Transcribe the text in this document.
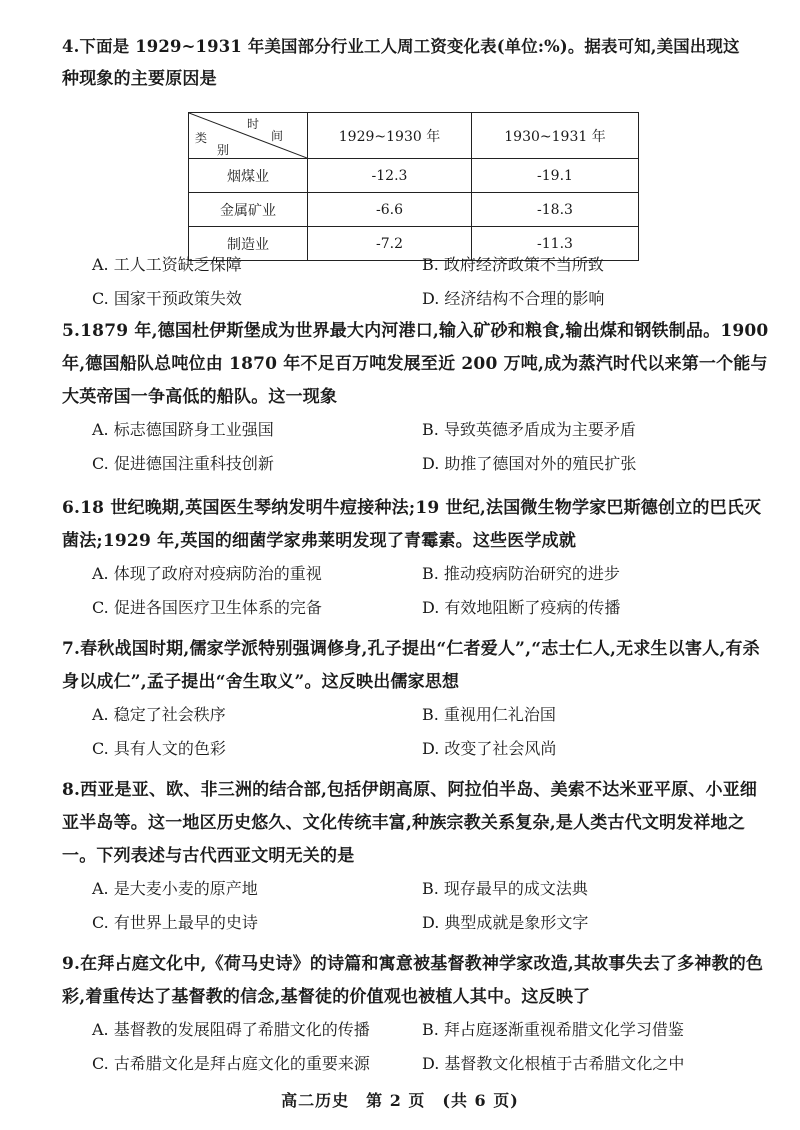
4.下面是 1929~1931 年美国部分行业工人周工资变化表(单位:%)。据表可知,美国出现这

种现象的主要原因是

时
间
类
别	1929~1930 年	1930~1931 年
烟煤业	-12.3	-19.1
金属矿业	-6.6	-18.3
制造业	-7.2	-11.3
A. 工人工资缺乏保障	B. 政府经济政策不当所致
C. 国家干预政策失效	D. 经济结构不合理的影响

5.1879 年,德国杜伊斯堡成为世界最大内河港口,输入矿砂和粮食,输出煤和钢铁制品。1900 年,德国船队总吨位由 1870 年不足百万吨发展至近 200 万吨,成为蒸汽时代以来第一个能与大英帝国一争高低的船队。这一现象

A. 标志德国跻身工业强国	B. 导致英德矛盾成为主要矛盾
C. 促进德国注重科技创新	D. 助推了德国对外的殖民扩张

6.18 世纪晚期,英国医生琴纳发明牛痘接种法;19 世纪,法国微生物学家巴斯德创立的巴氏灭菌法;1929 年,英国的细菌学家弗莱明发现了青霉素。这些医学成就

A. 体现了政府对疫病防治的重视	B. 推动疫病防治研究的进步
C. 促进各国医疗卫生体系的完备	D. 有效地阻断了疫病的传播

7.春秋战国时期,儒家学派特别强调修身,孔子提出“仁者爱人”,“志士仁人,无求生以害人,有杀身以成仁”,孟子提出“舍生取义”。这反映出儒家思想

A. 稳定了社会秩序	B. 重视用仁礼治国
C. 具有人文的色彩	D. 改变了社会风尚

8.西亚是亚、欧、非三洲的结合部,包括伊朗高原、阿拉伯半岛、美索不达米亚平原、小亚细亚半岛等。这一地区历史悠久、文化传统丰富,种族宗教关系复杂,是人类古代文明发祥地之一。下列表述与古代西亚文明无关的是

A. 是大麦小麦的原产地	B. 现存最早的成文法典
C. 有世界上最早的史诗	D. 典型成就是象形文字

9.在拜占庭文化中,《荷马史诗》的诗篇和寓意被基督教神学家改造,其故事失去了多神教的色彩,着重传达了基督教的信念,基督徒的价值观也被植人其中。这反映了

A. 基督教的发展阻碍了希腊文化的传播	B. 拜占庭逐渐重视希腊文化学习借鉴
C. 古希腊文化是拜占庭文化的重要来源	D. 基督教文化根植于古希腊文化之中
高二历史　第 2 页　(共 6 页)
